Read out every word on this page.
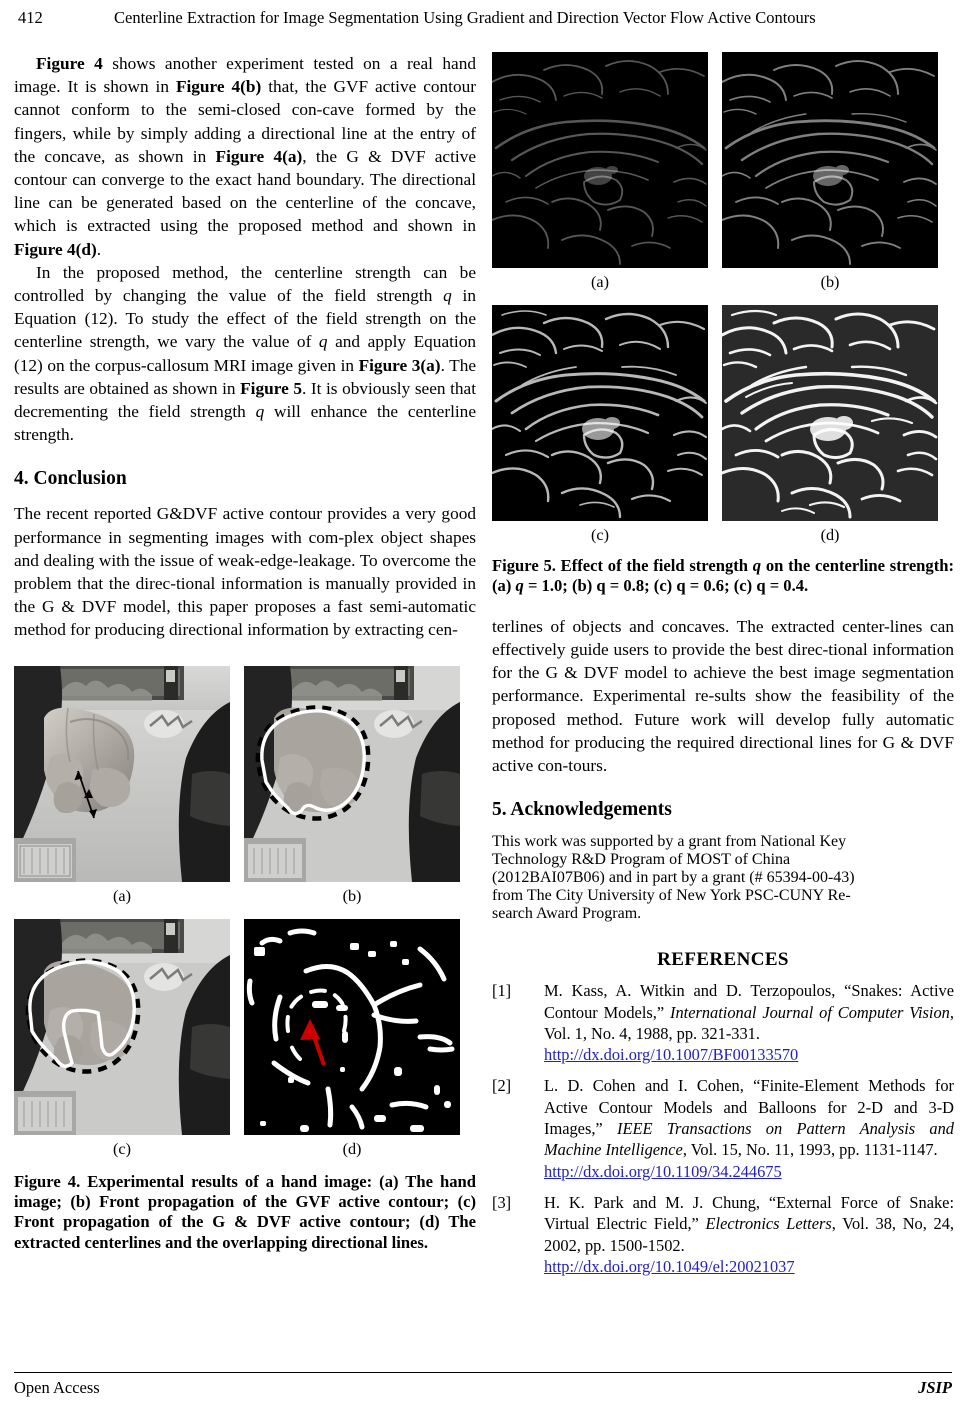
412	Centerline Extraction for Image Segmentation Using Gradient and Direction Vector Flow Active Contours

Figure 4 shows another experiment tested on a real hand image. It is shown in Figure 4(b) that, the GVF active contour cannot conform to the semi-closed con-cave formed by the fingers, while by simply adding a directional line at the entry of the concave, as shown in Figure 4(a), the G & DVF active contour can converge to the exact hand boundary. The directional line can be generated based on the centerline of the concave, which is extracted using the proposed method and shown in Figure 4(d).

In the proposed method, the centerline strength can be controlled by changing the value of the field strength q in Equation (12). To study the effect of the field strength on the centerline strength, we vary the value of q and apply Equation (12) on the corpus-callosum MRI image given in Figure 3(a). The results are obtained as shown in Figure 5. It is obviously seen that decrementing the field strength q will enhance the centerline strength.

4. Conclusion

The recent reported G&DVF active contour provides a very good performance in segmenting images with com-plex object shapes and dealing with the issue of weak-edge-leakage. To overcome the problem that the direc-tional information is manually provided in the G & DVF model, this paper proposes a fast semi-automatic method for producing directional information by extracting cen-

(a)	(b)
(c)	(d)

Figure 4. Experimental results of a hand image: (a) The hand image; (b) Front propagation of the GVF active contour; (c) Front propagation of the G & DVF active contour; (d) The extracted centerlines and the overlapping directional lines.

(a)	(b)
(c)	(d)

Figure 5. Effect of the field strength q on the centerline strength: (a) q = 1.0; (b) q = 0.8; (c) q = 0.6; (c) q = 0.4.

terlines of objects and concaves. The extracted center-lines can effectively guide users to provide the best direc-tional information for the G & DVF model to achieve the best image segmentation performance. Experimental re-sults show the feasibility of the proposed method. Future work will develop fully automatic method for producing the required directional lines for G & DVF active con-tours.

5. Acknowledgements
This work was supported by a grant from National Key
Technology R&D Program of MOST of China
(2012BAI07B06) and in part by a grant (# 65394-00-43)
from The City University of New York PSC-CUNY Re-
search Award Program.
REFERENCES
[1] M. Kass, A. Witkin and D. Terzopoulos, “Snakes: Active Contour Models,” International Journal of Computer Vision, Vol. 1, No. 4, 1988, pp. 321-331.
http://dx.doi.org/10.1007/BF00133570
[2] L. D. Cohen and I. Cohen, “Finite-Element Methods for Active Contour Models and Balloons for 2-D and 3-D Images,” IEEE Transactions on Pattern Analysis and Machine Intelligence, Vol. 15, No. 11, 1993, pp. 1131-1147.
http://dx.doi.org/10.1109/34.244675
[3] H. K. Park and M. J. Chung, “External Force of Snake: Virtual Electric Field,” Electronics Letters, Vol. 38, No, 24, 2002, pp. 1500-1502.
http://dx.doi.org/10.1049/el:20021037
Open Access	JSIP
